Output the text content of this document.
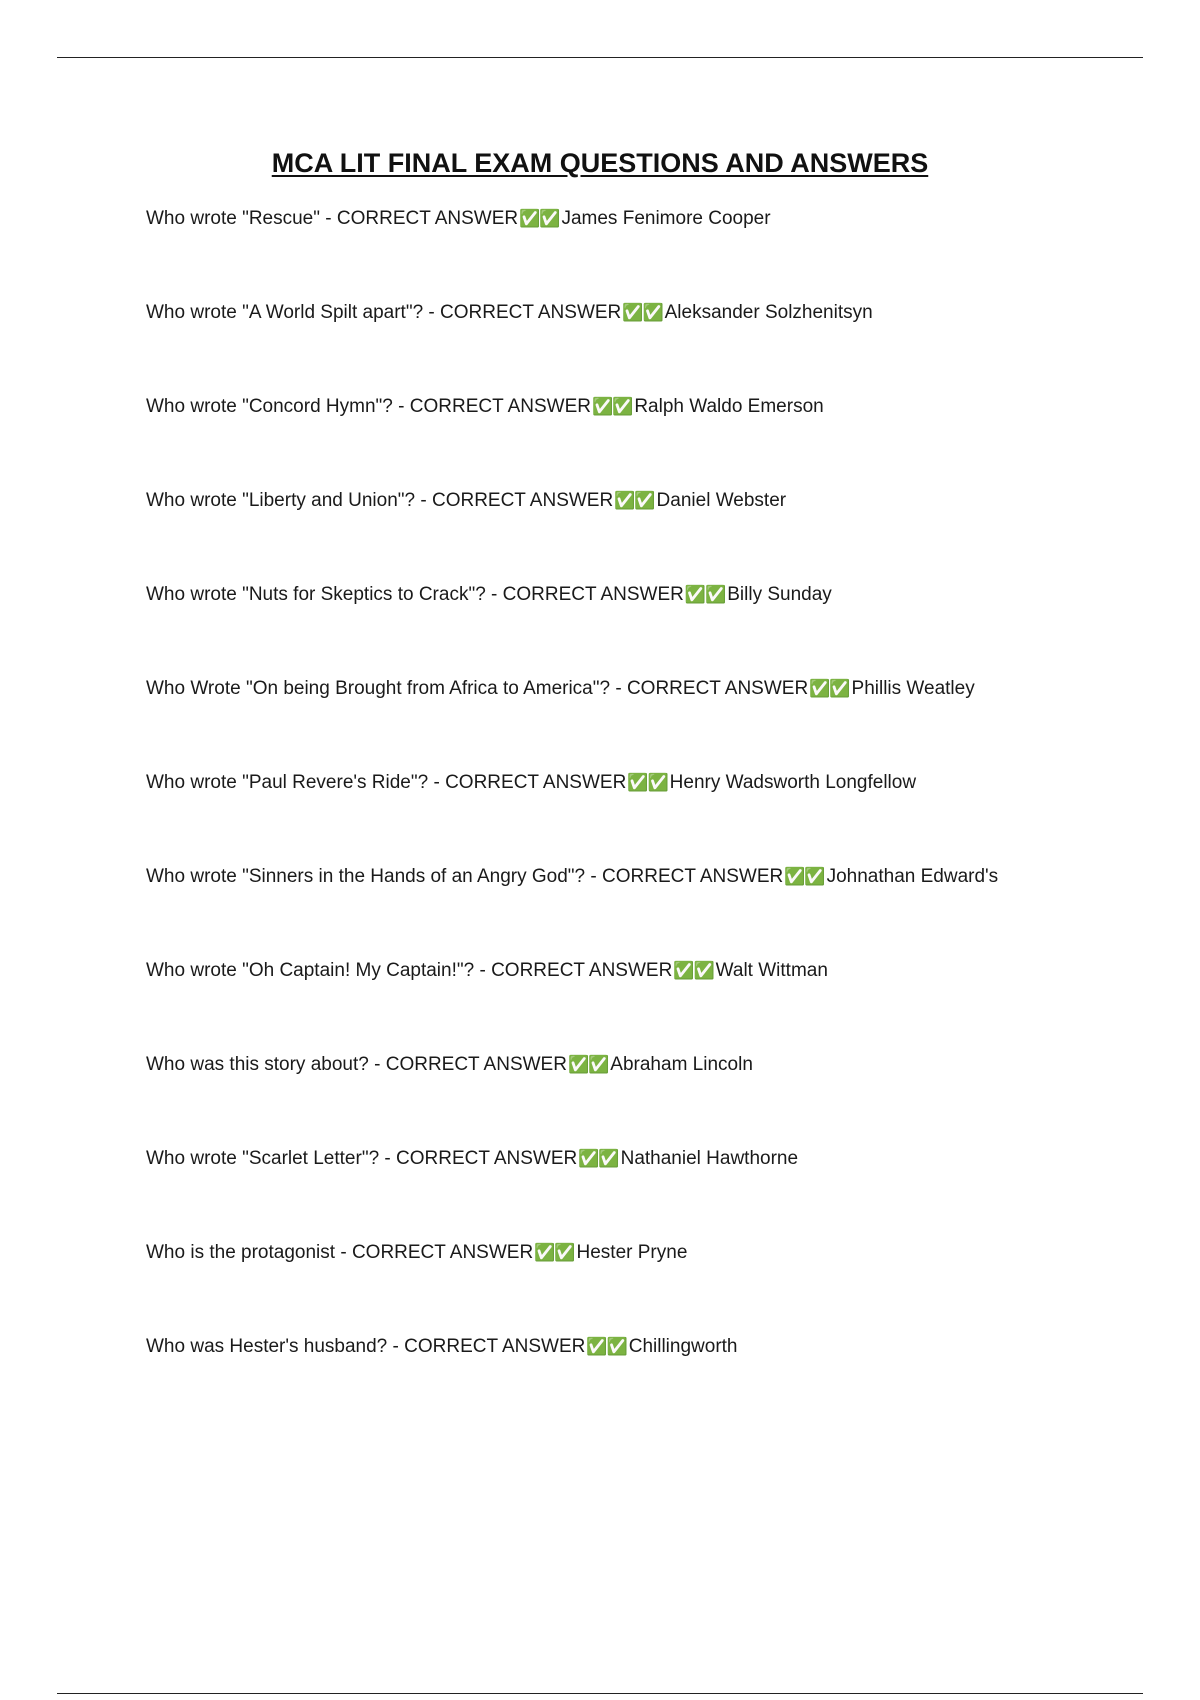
MCA LIT FINAL EXAM QUESTIONS AND ANSWERS
Who wrote "Rescue" - CORRECT ANSWER✅✅ James Fenimore Cooper
Who wrote "A World Spilt apart"? - CORRECT ANSWER✅✅ Aleksander Solzhenitsyn
Who wrote "Concord Hymn"? - CORRECT ANSWER✅✅ Ralph Waldo Emerson
Who wrote "Liberty and Union"? - CORRECT ANSWER✅✅ Daniel Webster
Who wrote "Nuts for Skeptics to Crack"? - CORRECT ANSWER✅✅ Billy Sunday
Who Wrote "On being Brought from Africa to America"? - CORRECT ANSWER✅✅ Phillis Weatley
Who wrote "Paul Revere's Ride"? - CORRECT ANSWER✅✅ Henry Wadsworth Longfellow
Who wrote "Sinners in the Hands of an Angry God"? - CORRECT ANSWER✅✅ Johnathan Edward's
Who wrote "Oh Captain! My Captain!"? - CORRECT ANSWER✅✅ Walt Wittman
Who was this story about? - CORRECT ANSWER✅✅ Abraham Lincoln
Who wrote "Scarlet Letter"? - CORRECT ANSWER✅✅ Nathaniel Hawthorne
Who is the protagonist - CORRECT ANSWER✅✅ Hester Pryne
Who was Hester's husband? - CORRECT ANSWER✅✅ Chillingworth
